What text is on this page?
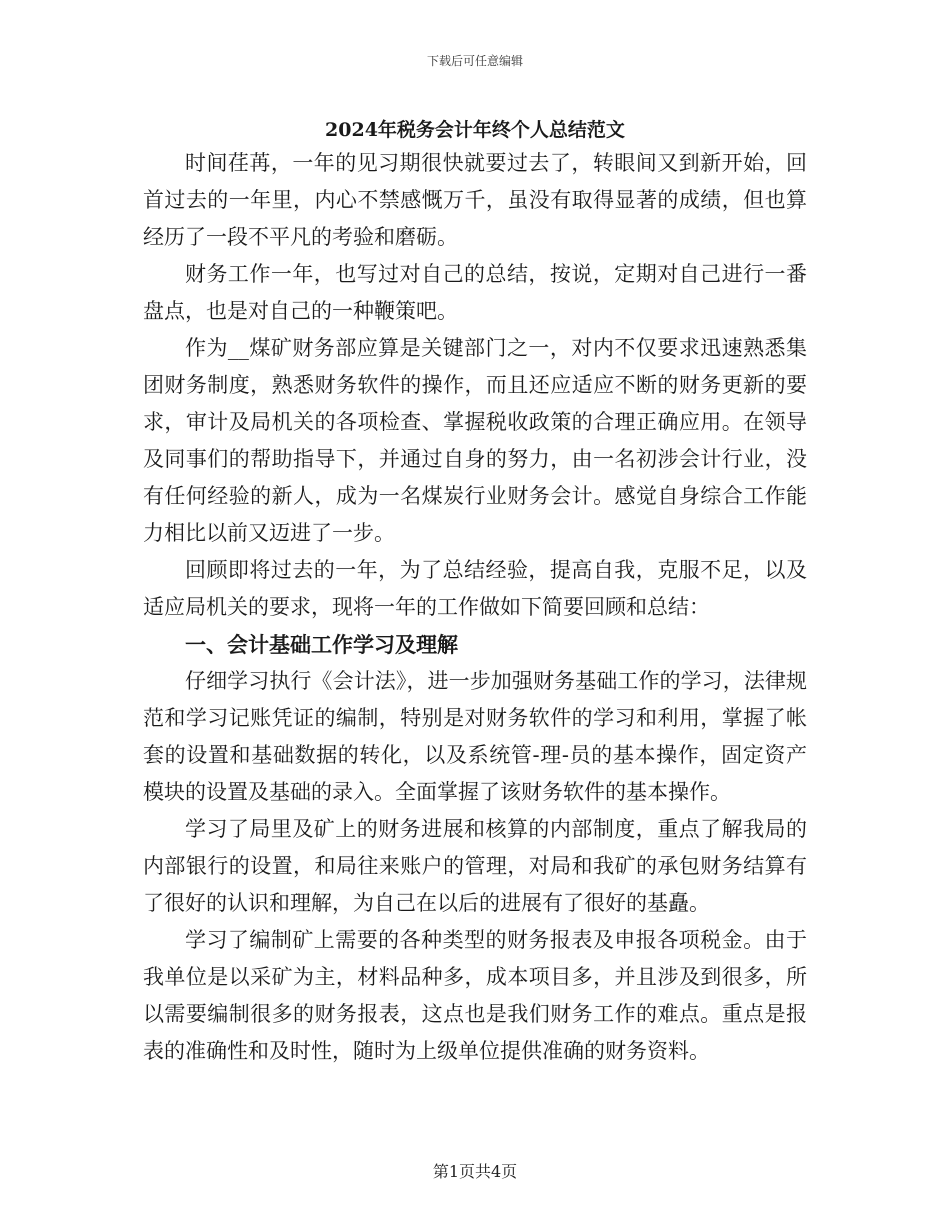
下载后可任意编辑
2024年税务会计年终个人总结范文

时间荏苒，一年的见习期很快就要过去了，转眼间又到新开始，回首过去的一年里，内心不禁感慨万千，虽没有取得显著的成绩，但也算经历了一段不平凡的考验和磨砺。

财务工作一年，也写过对自己的总结，按说，定期对自己进行一番盘点，也是对自己的一种鞭策吧。

作为__煤矿财务部应算是关键部门之一，对内不仅要求迅速熟悉集团财务制度，熟悉财务软件的操作，而且还应适应不断的财务更新的要求，审计及局机关的各项检查、掌握税收政策的合理正确应用。在领导及同事们的帮助指导下，并通过自身的努力，由一名初涉会计行业，没有任何经验的新人，成为一名煤炭行业财务会计。感觉自身综合工作能力相比以前又迈进了一步。

回顾即将过去的一年，为了总结经验，提高自我，克服不足，以及适应局机关的要求，现将一年的工作做如下简要回顾和总结：

一、会计基础工作学习及理解

仔细学习执行《会计法》，进一步加强财务基础工作的学习，法律规范和学习记账凭证的编制，特别是对财务软件的学习和利用，掌握了帐套的设置和基础数据的转化，以及系统管-理-员的基本操作，固定资产模块的设置及基础的录入。全面掌握了该财务软件的基本操作。

学习了局里及矿上的财务进展和核算的内部制度，重点了解我局的内部银行的设置，和局往来账户的管理，对局和我矿的承包财务结算有了很好的认识和理解，为自己在以后的进展有了很好的基矗。

学习了编制矿上需要的各种类型的财务报表及申报各项税金。由于我单位是以采矿为主，材料品种多，成本项目多，并且涉及到很多，所以需要编制很多的财务报表，这点也是我们财务工作的难点。重点是报表的准确性和及时性，随时为上级单位提供准确的财务资料。

第1页共4页
